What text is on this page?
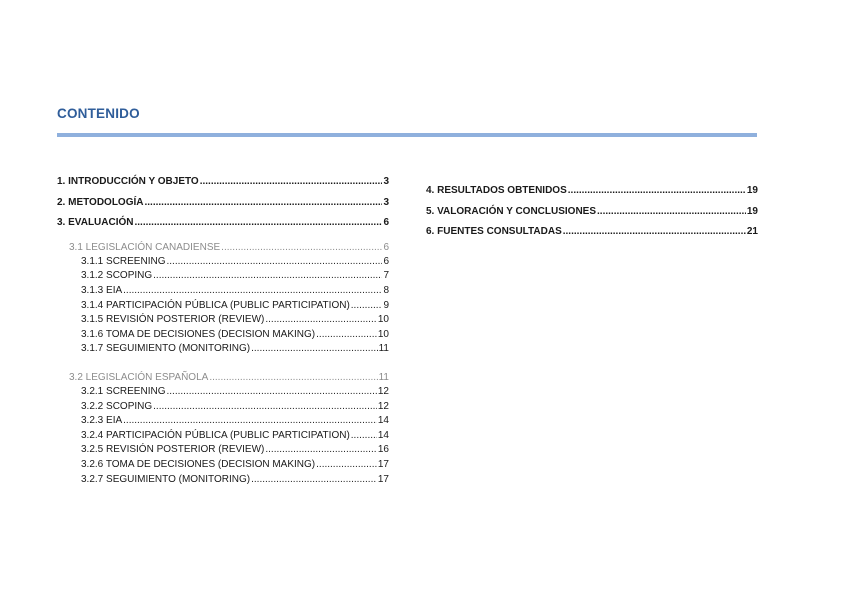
CONTENIDO
1. INTRODUCCIÓN Y OBJETO .....	3
2. METODOLOGÍA .....	3
3. EVALUACIÓN .....	6
3.1 LEGISLACIÓN CANADIENSE .....	6
3.1.1 SCREENING .....	6
3.1.2 SCOPING .....	7
3.1.3 EIA .....	8
3.1.4 PARTICIPACIÓN PÚBLICA (PUBLIC PARTICIPATION) .....	9
3.1.5 REVISIÓN POSTERIOR (REVIEW) .....	10
3.1.6 TOMA DE DECISIONES (DECISION MAKING) .....	10
3.1.7 SEGUIMIENTO (MONITORING) .....	11
3.2 LEGISLACIÓN ESPAÑOLA .....	11
3.2.1 SCREENING .....	12
3.2.2 SCOPING .....	12
3.2.3 EIA .....	14
3.2.4 PARTICIPACIÓN PÚBLICA (PUBLIC PARTICIPATION) .....	14
3.2.5 REVISIÓN POSTERIOR (REVIEW) .....	16
3.2.6 TOMA DE DECISIONES (DECISION MAKING) .....	17
3.2.7 SEGUIMIENTO (MONITORING) .....	17
4. RESULTADOS OBTENIDOS .....	19
5. VALORACIÓN Y CONCLUSIONES .....	19
6. FUENTES CONSULTADAS .....	21
